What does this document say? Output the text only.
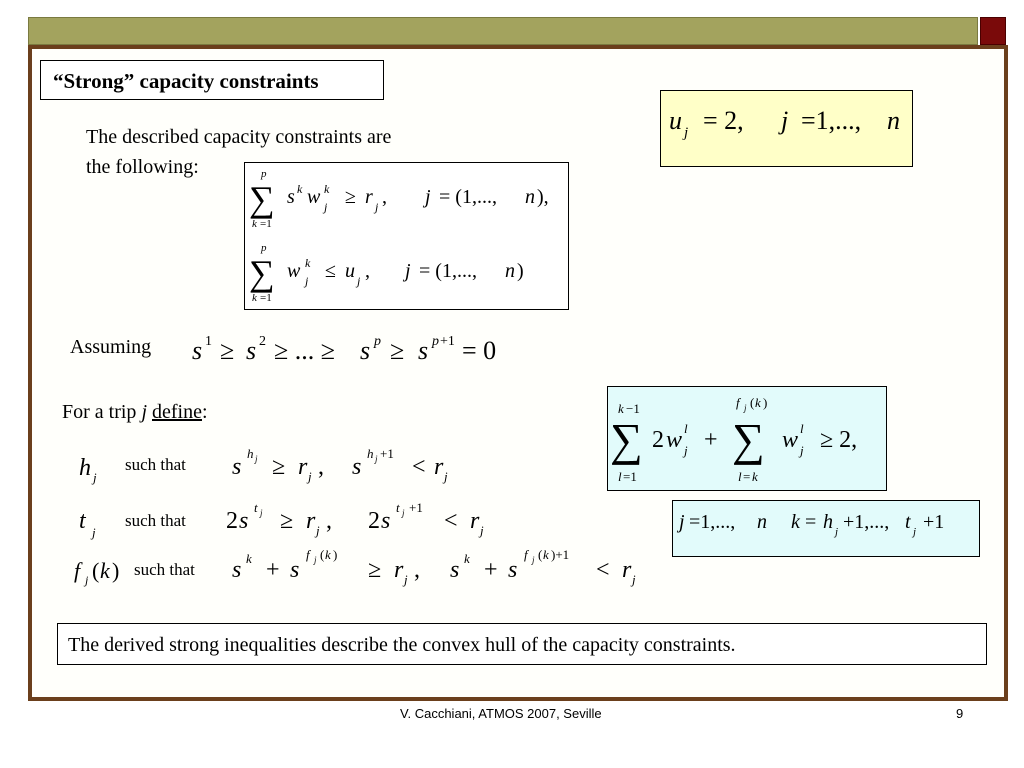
“Strong” capacity constraints
The described capacity constraints are
the following:
u j = 2, j =1,..., n
p
∑
k =1
s k w k
j ≥ r j , j = (1,..., n ),
p
∑
k =1
w k
j ≤ u j , j = (1,..., n )
Assuming s 1 ≥ s 2 ≥ ... ≥ s p ≥ s p +1 = 0
For a trip j define:
h j
such that s
h j ≥ r j , s
h j +1
< r j
t j
such that 2 s
t j ≥ r j , 2 s
t j +1
< r j
f j ( k ) such that s k + s
f j ( k )
≥ r j , s k + s
f j ( k )+1
< r j
k −1
∑
l =1
2 w l
j +
f j ( k )
∑
l = k
w l
j ≥ 2,
j =1,..., n k = h j +1,..., t j +1
The derived strong inequalities describe the convex hull of the capacity constraints.
V. Cacchiani, ATMOS 2007, Seville	9
